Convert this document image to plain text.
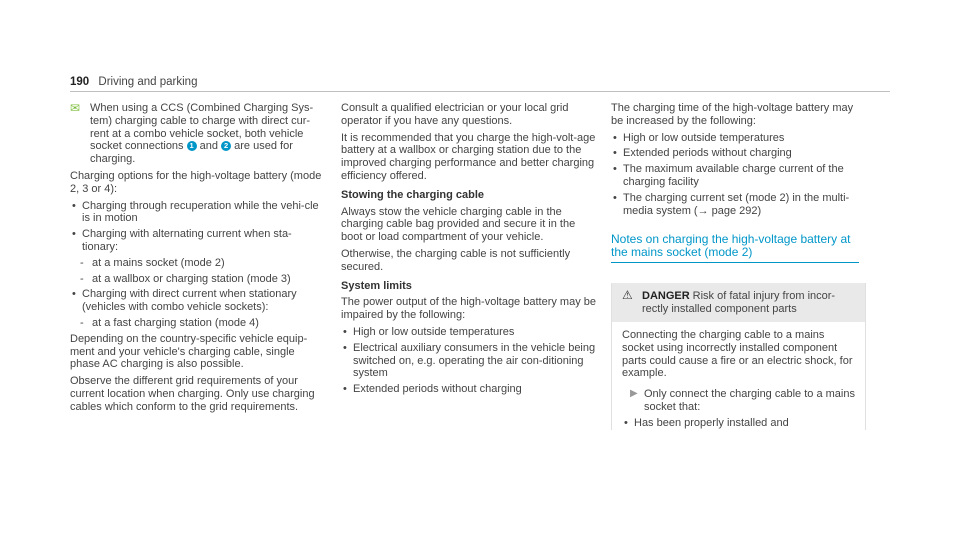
190 Driving and parking

✉ When using a CCS (Combined Charging Sys-tem) charging cable to charge with direct cur-rent at a combo vehicle socket, both vehicle socket connections 1 and 2 are used for charging.

Charging options for the high-voltage battery (mode 2, 3 or 4):

• Charging through recuperation while the vehi-cle is in motion
• Charging with alternating current when sta-tionary:
- at a mains socket (mode 2)
- at a wallbox or charging station (mode 3)
• Charging with direct current when stationary (vehicles with combo vehicle sockets):
- at a fast charging station (mode 4)

Depending on the country-specific vehicle equip-ment and your vehicle's charging cable, single phase AC charging is also possible.

Observe the different grid requirements of your current location when charging. Only use charging cables which conform to the grid requirements.

Consult a qualified electrician or your local grid operator if you have any questions.

It is recommended that you charge the high-volt-age battery at a wallbox or charging station due to the improved charging performance and better charging efficiency offered.

Stowing the charging cable

Always stow the vehicle charging cable in the charging cable bag provided and secure it in the boot or load compartment of your vehicle.

Otherwise, the charging cable is not sufficiently secured.

System limits

The power output of the high-voltage battery may be impaired by the following:

• High or low outside temperatures
• Electrical auxiliary consumers in the vehicle being switched on, e.g. operating the air con-ditioning system
• Extended periods without charging

The charging time of the high-voltage battery may be increased by the following:

• High or low outside temperatures
• Extended periods without charging
• The maximum available charge current of the charging facility
• The charging current set (mode 2) in the multi-media system (→ page 292)
Notes on charging the high-voltage battery at the mains socket (mode 2)
⚠ DANGER Risk of fatal injury from incor-rectly installed component parts

Connecting the charging cable to a mains socket using incorrectly installed component parts could cause a fire or an electric shock, for example.

▶ Only connect the charging cable to a mains socket that:
• Has been properly installed and
